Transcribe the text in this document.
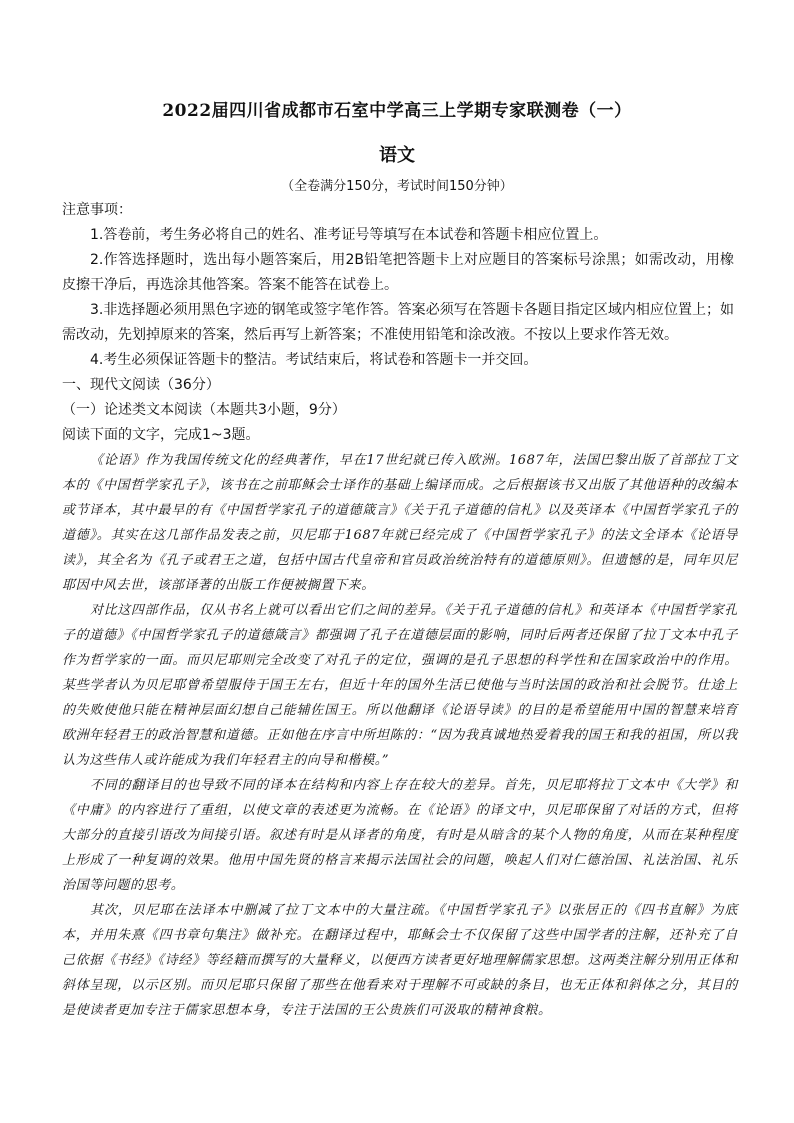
2022届四川省成都市石室中学高三上学期专家联测卷（一）
语文
（全卷满分150分，考试时间150分钟）

注意事项：

1.答卷前，考生务必将自己的姓名、准考证号等填写在本试卷和答题卡相应位置上。

2.作答选择题时，选出每小题答案后，用2B铅笔把答题卡上对应题目的答案标号涂黑；如需改动，用橡皮擦干净后，再选涂其他答案。答案不能答在试卷上。

3.非选择题必须用黑色字迹的钢笔或签字笔作答。答案必须写在答题卡各题目指定区域内相应位置上；如需改动，先划掉原来的答案，然后再写上新答案；不准使用铅笔和涂改液。不按以上要求作答无效。

4.考生必须保证答题卡的整洁。考试结束后，将试卷和答题卡一并交回。

一、现代文阅读（36分）

（一）论述类文本阅读（本题共3小题，9分）

阅读下面的文字，完成1~3题。

《论语》作为我国传统文化的经典著作，早在17世纪就已传入欧洲。1687年，法国巴黎出版了首部拉丁文本的《中国哲学家孔子》，该书在之前耶稣会士译作的基础上编译而成。之后根据该书又出版了其他语种的改编本或节译本，其中最早的有《中国哲学家孔子的道德箴言》《关于孔子道德的信札》以及英译本《中国哲学家孔子的道德》。其实在这几部作品发表之前，贝尼耶于1687年就已经完成了《中国哲学家孔子》的法文全译本《论语导读》，其全名为《孔子或君王之道，包括中国古代皇帝和官员政治统治特有的道德原则》。但遗憾的是，同年贝尼耶因中风去世，该部译著的出版工作便被搁置下来。

对比这四部作品，仅从书名上就可以看出它们之间的差异。《关于孔子道德的信札》和英译本《中国哲学家孔子的道德》《中国哲学家孔子的道德箴言》都强调了孔子在道德层面的影响，同时后两者还保留了拉丁文本中孔子作为哲学家的一面。而贝尼耶则完全改变了对孔子的定位，强调的是孔子思想的科学性和在国家政治中的作用。某些学者认为贝尼耶曾希望服侍于国王左右，但近十年的国外生活已使他与当时法国的政治和社会脱节。仕途上的失败使他只能在精神层面幻想自己能辅佐国王。所以他翻译《论语导读》的目的是希望能用中国的智慧来培育欧洲年轻君王的政治智慧和道德。正如他在序言中所坦陈的：“因为我真诚地热爱着我的国王和我的祖国，所以我认为这些伟人或许能成为我们年轻君主的向导和楷模。”

不同的翻译目的也导致不同的译本在结构和内容上存在较大的差异。首先，贝尼耶将拉丁文本中《大学》和《中庸》的内容进行了重组，以使文章的表述更为流畅。在《论语》的译文中，贝尼耶保留了对话的方式，但将大部分的直接引语改为间接引语。叙述有时是从译者的角度，有时是从暗含的某个人物的角度，从而在某种程度上形成了一种复调的效果。他用中国先贤的格言来揭示法国社会的问题，唤起人们对仁德治国、礼法治国、礼乐治国等问题的思考。

其次，贝尼耶在法译本中删减了拉丁文本中的大量注疏。《中国哲学家孔子》以张居正的《四书直解》为底本，并用朱熹《四书章句集注》做补充。在翻译过程中，耶稣会士不仅保留了这些中国学者的注解，还补充了自己依据《书经》《诗经》等经籍而撰写的大量释义，以便西方读者更好地理解儒家思想。这两类注解分别用正体和斜体呈现，以示区别。而贝尼耶只保留了那些在他看来对于理解不可或缺的条目，也无正体和斜体之分，其目的是使读者更加专注于儒家思想本身，专注于法国的王公贵族们可汲取的精神食粮。
